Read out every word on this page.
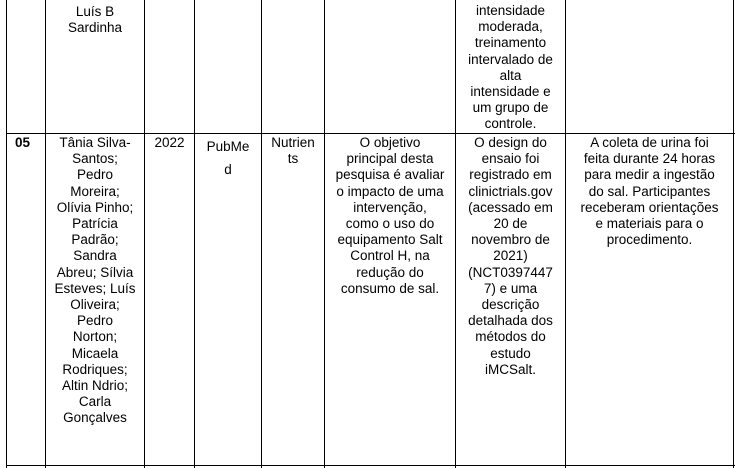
Luís B
Sardinha
intensidade
moderada,
treinamento
intervalado de
alta
intensidade e
um grupo de
controle.
05	Tânia Silva-
Santos;
Pedro
Moreira;
Olívia Pinho;
Patrícia
Padrão;
Sandra
Abreu; Sílvia
Esteves; Luís
Oliveira;
Pedro
Norton;
Micaela
Rodriques;
Altin Ndrio;
Carla
Gonçalves
2022	PubMe
d
Nutrien
ts
O objetivo
principal desta
pesquisa é avaliar
o impacto de uma
intervenção,
como o uso do
equipamento Salt
Control H, na
redução do
consumo de sal.
O design do
ensaio foi
registrado em
clinictrials.gov
(acessado em
20 de
novembro de
2021)
(NCT0397447
7) e uma
descrição
detalhada dos
métodos do
estudo
iMCSalt.
A coleta de urina foi
feita durante 24 horas
para medir a ingestão
do sal. Participantes
receberam orientações
e materiais para o
procedimento.
